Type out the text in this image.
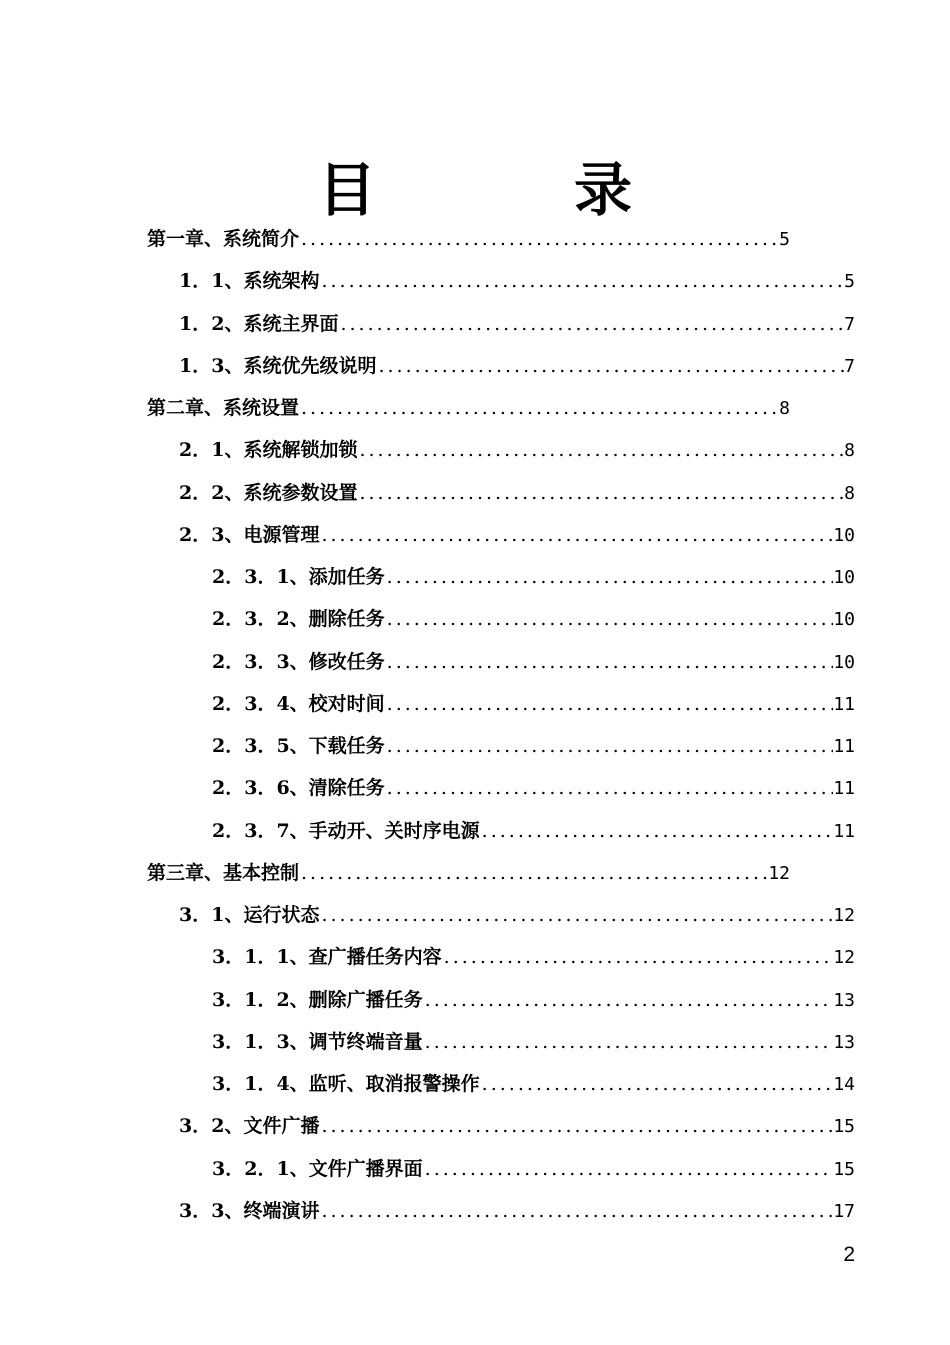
目　录
第一章、系统简介 .....	5
1．1、系统架构 .....	5
1．2、系统主界面 .....	7
1．3、系统优先级说明 .....	7
第二章、系统设置 .....	8
2．1、系统解锁加锁 .....	8
2．2、系统参数设置 .....	8
2．3、电源管理 .....	10
2．3．1、添加任务 .....	10
2．3．2、删除任务 .....	10
2．3．3、修改任务 .....	10
2．3．4、校对时间 .....	11
2．3．5、下载任务 .....	11
2．3．6、清除任务 .....	11
2．3．7、手动开、关时序电源 .....	11
第三章、基本控制 .....	12
3．1、运行状态 .....	12
3．1．1、查广播任务内容 .....	12
3．1．2、删除广播任务 .....	13
3．1．3、调节终端音量 .....	13
3．1．4、监听、取消报警操作 .....	14
3．2、文件广播 .....	15
3．2．1、文件广播界面 .....	15
3．3、终端演讲 .....	17
2
